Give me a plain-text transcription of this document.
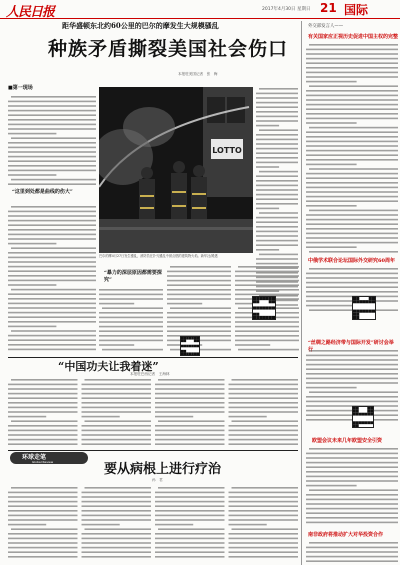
人民日报	2017年4月30日 星期日 21 国际
距华盛顿东北约60公里的巴尔的摩发生大规模骚乱
种族矛盾撕裂美国社会伤口
本报驻美国记者　张　梅
■第一现场
“这里到处都是曲线的伤大”
LOTTO
巴尔的摩4月27日发生骚乱，消防员在扑灭骚乱中被点燃的建筑物火焰。新华社/路透
“暴力的深层原因都需要探究”
“中国功夫让我着迷”
本报驻巴西记者　王海林
环球走笔
Global Review
要从病根上进行疗治
孙　君
外交部发言人——
有关国家应正视历史促进中国主权的完整
中俄学术联合论坛国际外交研究60周年
“丝绸之路经济带与国际开发”研讨会举
欧盟会议未来几年欧盟安全引资
南非政府将推动扩大对华投资合作
